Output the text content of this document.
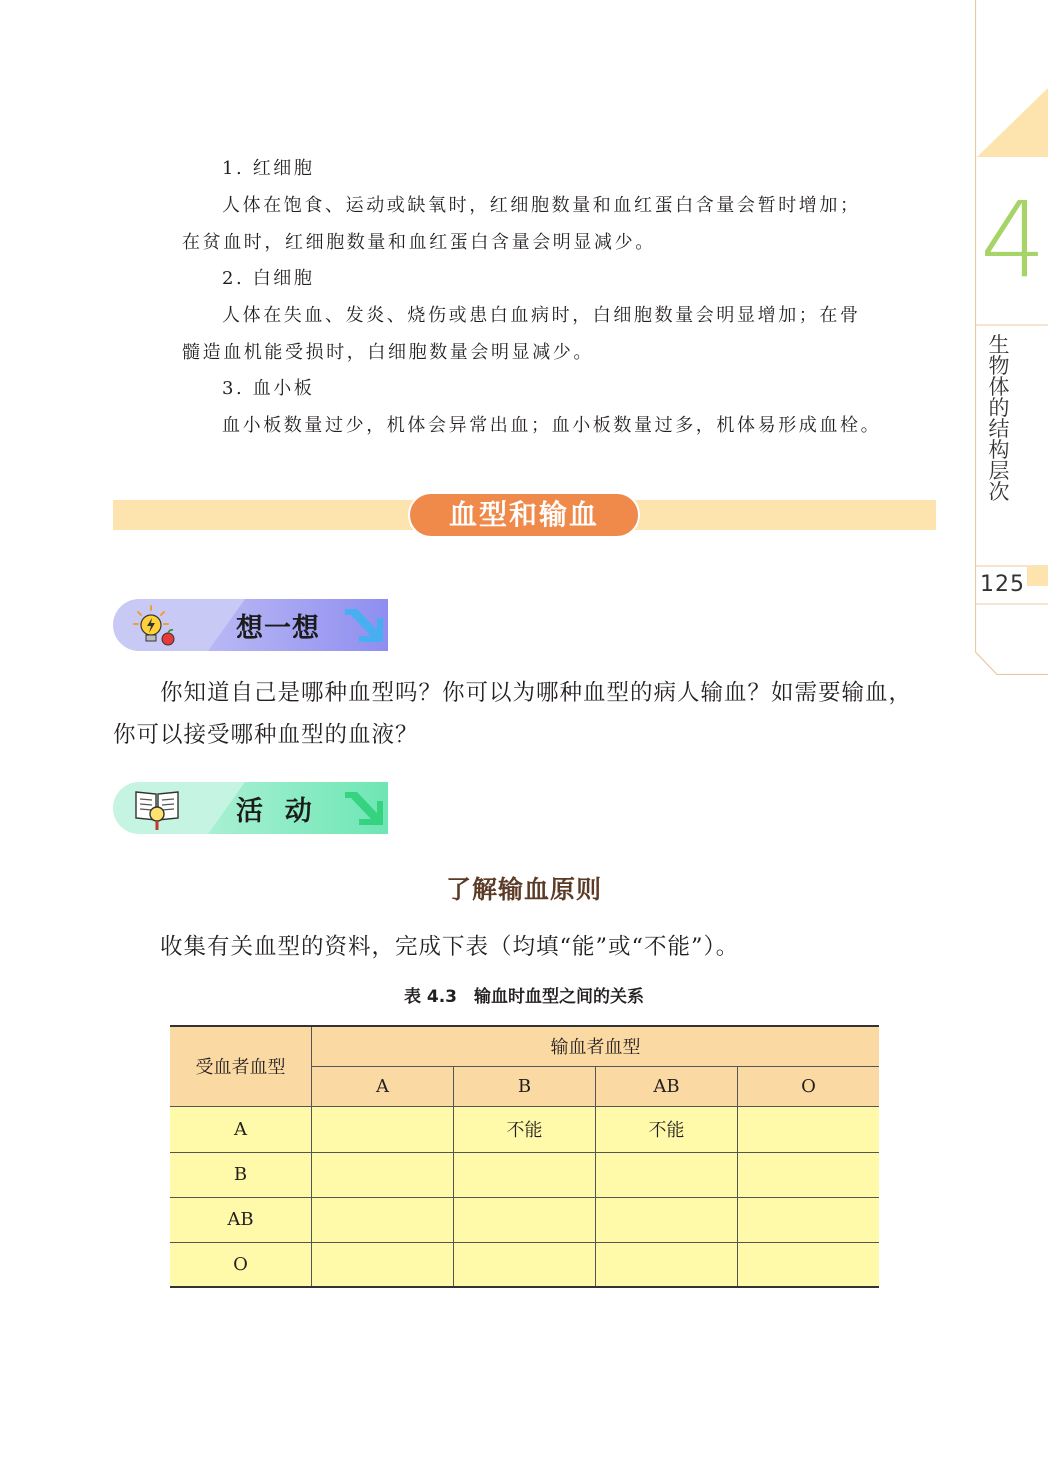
4
生物体的结构层次
125
1. 红细胞
人体在饱食、运动或缺氧时，红细胞数量和血红蛋白含量会暂时增加；
在贫血时，红细胞数量和血红蛋白含量会明显减少。
2. 白细胞
人体在失血、发炎、烧伤或患白血病时，白细胞数量会明显增加；在骨
髓造血机能受损时，白细胞数量会明显减少。
3. 血小板
血小板数量过少，机体会异常出血；血小板数量过多，机体易形成血栓。
血型和输血
想一想
你知道自己是哪种血型吗？你可以为哪种血型的病人输血？如需要输血，
你可以接受哪种血型的血液？
活  动
了解输血原则
收集有关血型的资料，完成下表（均填“能”或“不能”）。
表 4.3　输血时血型之间的关系
受血者血型	输血者血型			
	A	B	AB	O
A		不能	不能	
B				
AB				
O				
